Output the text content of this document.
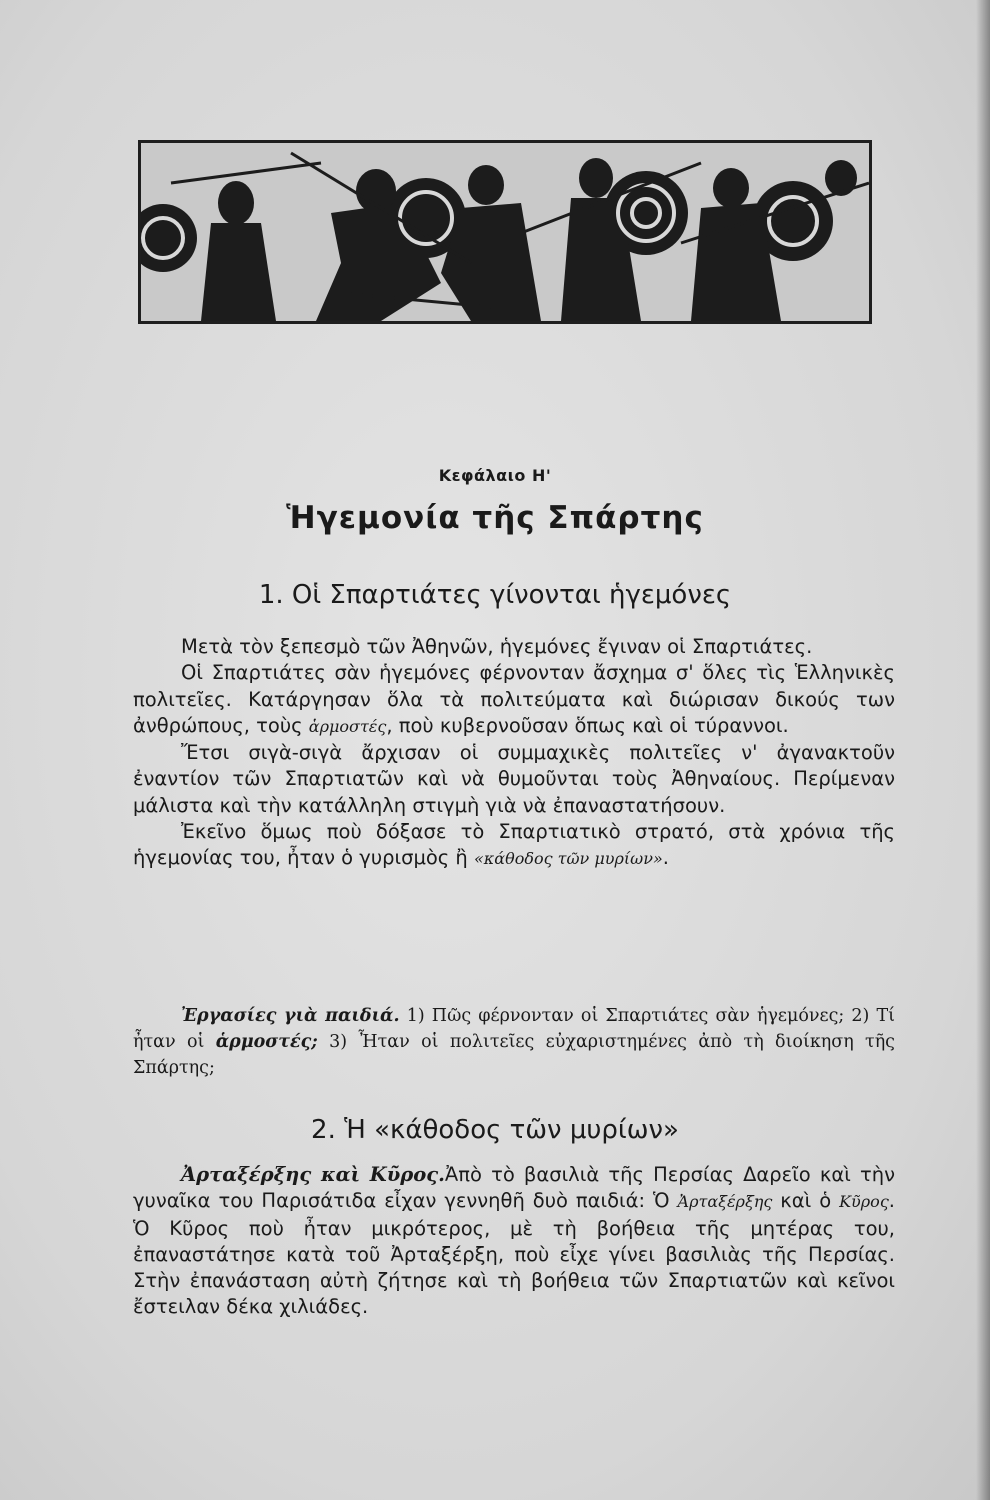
Κεφάλαιο Η'
Ἡγεμονία τῆς Σπάρτης
1. Οἱ Σπαρτιάτες γίνονται ἡγεμόνες

Μετὰ τὸν ξεπεσμὸ τῶν Ἀθηνῶν, ἡγεμόνες ἔγιναν οἱ Σπαρτιάτες.

Οἱ Σπαρτιάτες σὰν ἡγεμόνες φέρνονταν ἄσχημα σ' ὅλες τὶς Ἑλληνικὲς πολιτεῖες. Κατάργησαν ὅλα τὰ πολιτεύματα καὶ διώρισαν δικούς των ἀνθρώπους, τοὺς ἁρμοστές, ποὺ κυβερνοῦσαν ὅπως καὶ οἱ τύραννοι.

Ἔτσι σιγὰ-σιγὰ ἄρχισαν οἱ συμμαχικὲς πολιτεῖες ν' ἀγανακτοῦν ἐναντίον τῶν Σπαρτιατῶν καὶ νὰ θυμοῦνται τοὺς Ἀθηναίους. Περίμεναν μάλιστα καὶ τὴν κατάλληλη στιγμὴ γιὰ νὰ ἐπαναστατήσουν.

Ἐκεῖνο ὅμως ποὺ δόξασε τὸ Σπαρτιατικὸ στρατό, στὰ χρόνια τῆς ἡγεμονίας του, ἦταν ὁ γυρισμὸς ἢ «κάθοδος τῶν μυρίων».

Ἐργασίες γιὰ παιδιά. 1) Πῶς φέρνονταν οἱ Σπαρτιάτες σὰν ἡγεμόνες; 2) Τί ἦταν οἱ ἁρμοστές; 3) Ἦταν οἱ πολιτεῖες εὐχαριστημένες ἀπὸ τὴ διοίκηση τῆς Σπάρτης;

2. Ἡ «κάθοδος τῶν μυρίων»

Ἀρταξέρξης καὶ Κῦρος.Ἀπὸ τὸ βασιλιὰ τῆς Περσίας Δαρεῖο καὶ τὴν γυναῖκα του Παρισάτιδα εἶχαν γεννηθῆ δυὸ παιδιά: Ὁ Ἀρταξέρξης καὶ ὁ Κῦρος. Ὁ Κῦρος ποὺ ἦταν μικρότερος, μὲ τὴ βοήθεια τῆς μητέρας του, ἐπαναστάτησε κατὰ τοῦ Ἀρταξέρξη, ποὺ εἶχε γίνει βασιλιὰς τῆς Περσίας. Στὴν ἐπανάσταση αὐτὴ ζήτησε καὶ τὴ βοήθεια τῶν Σπαρτιατῶν καὶ κεῖνοι ἔστειλαν δέκα χιλιάδες.
